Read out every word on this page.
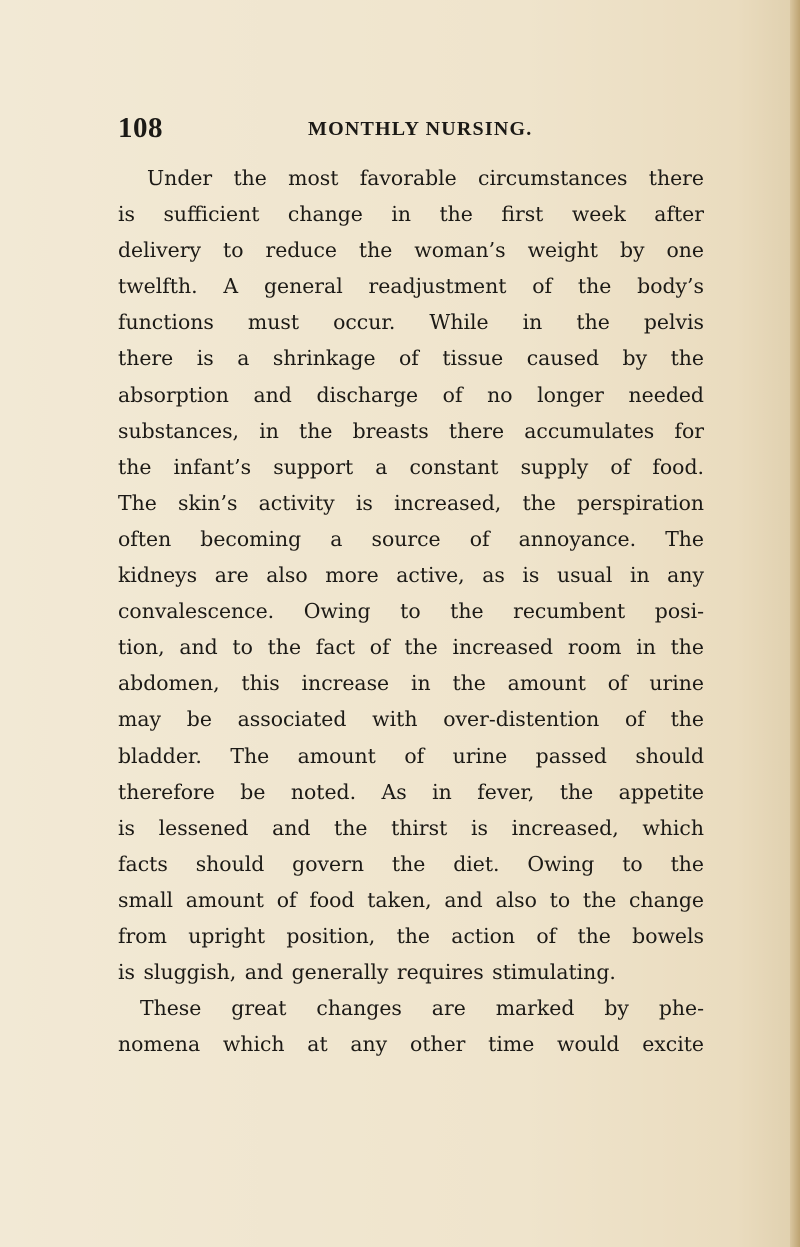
108	MONTHLY NURSING.
Under the most favorable circumstances there
is sufficient change in the first week after
delivery to reduce the woman’s weight by one
twelfth. A general readjustment of the body’s
functions must occur. While in the pelvis
there is a shrinkage of tissue caused by the
absorption and discharge of no longer needed
substances, in the breasts there accumulates for
the infant’s support a constant supply of food.
The skin’s activity is increased, the perspiration
often becoming a source of annoyance. The
kidneys are also more active, as is usual in any
convalescence. Owing to the recumbent posi-
tion, and to the fact of the increased room in the
abdomen, this increase in the amount of urine
may be associated with over-distention of the
bladder. The amount of urine passed should
therefore be noted. As in fever, the appetite
is lessened and the thirst is increased, which
facts should govern the diet. Owing to the
small amount of food taken, and also to the change
from upright position, the action of the bowels
is sluggish, and generally requires stimulating.
These great changes are marked by phe-
nomena which at any other time would excite
